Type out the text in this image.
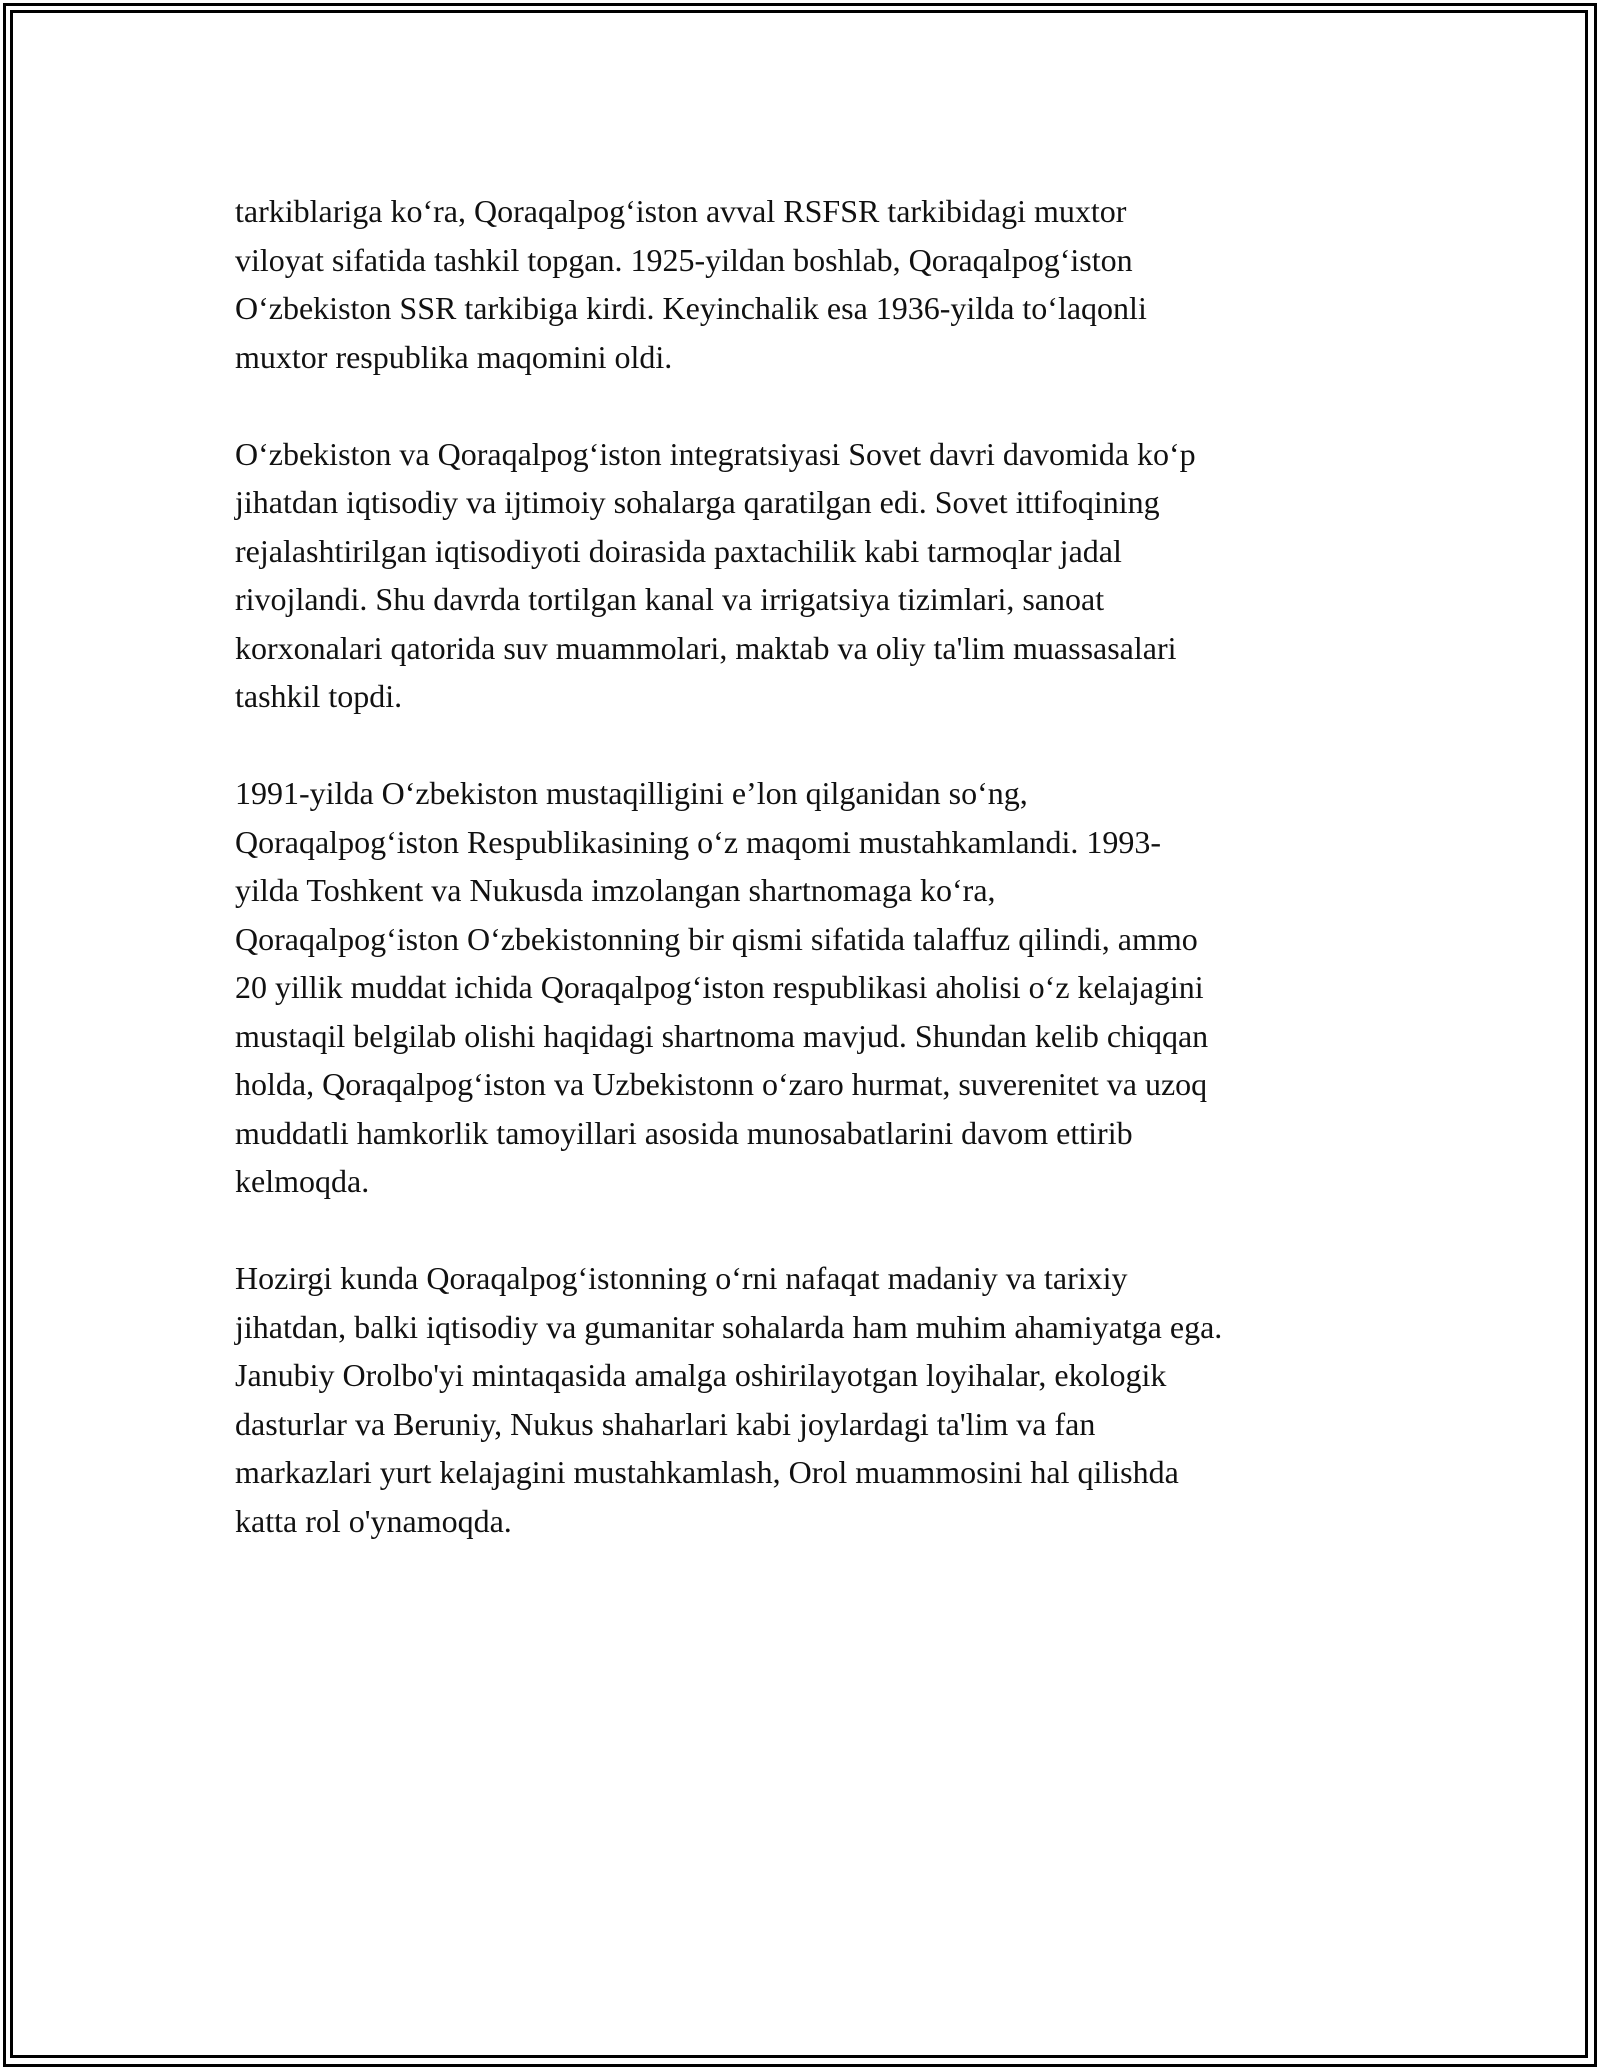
tarkiblariga ko‘ra, Qoraqalpog‘iston avval RSFSR tarkibidagi muxtor
viloyat sifatida tashkil topgan. 1925-yildan boshlab, Qoraqalpog‘iston
O‘zbekiston SSR tarkibiga kirdi. Keyinchalik esa 1936-yilda to‘laqonli
muxtor respublika maqomini oldi.

O‘zbekiston va Qoraqalpog‘iston integratsiyasi Sovet davri davomida ko‘p
jihatdan iqtisodiy va ijtimoiy sohalarga qaratilgan edi. Sovet ittifoqining
rejalashtirilgan iqtisodiyoti doirasida paxtachilik kabi tarmoqlar jadal
rivojlandi. Shu davrda tortilgan kanal va irrigatsiya tizimlari, sanoat
korxonalari qatorida suv muammolari, maktab va oliy ta'lim muassasalari
tashkil topdi.

1991-yilda O‘zbekiston mustaqilligini e’lon qilganidan so‘ng,
Qoraqalpog‘iston Respublikasining o‘z maqomi mustahkamlandi. 1993-
yilda Toshkent va Nukusda imzolangan shartnomaga ko‘ra,
Qoraqalpog‘iston O‘zbekistonning bir qismi sifatida talaffuz qilindi, ammo
20 yillik muddat ichida Qoraqalpog‘iston respublikasi aholisi o‘z kelajagini
mustaqil belgilab olishi haqidagi shartnoma mavjud. Shundan kelib chiqqan
holda, Qoraqalpog‘iston va Uzbekistonn o‘zaro hurmat, suverenitet va uzoq
muddatli hamkorlik tamoyillari asosida munosabatlarini davom ettirib
kelmoqda.

Hozirgi kunda Qoraqalpog‘istonning o‘rni nafaqat madaniy va tarixiy
jihatdan, balki iqtisodiy va gumanitar sohalarda ham muhim ahamiyatga ega.
Janubiy Orolbo'yi mintaqasida amalga oshirilayotgan loyihalar, ekologik
dasturlar va Beruniy, Nukus shaharlari kabi joylardagi ta'lim va fan
markazlari yurt kelajagini mustahkamlash, Orol muammosini hal qilishda
katta rol o'ynamoqda.
